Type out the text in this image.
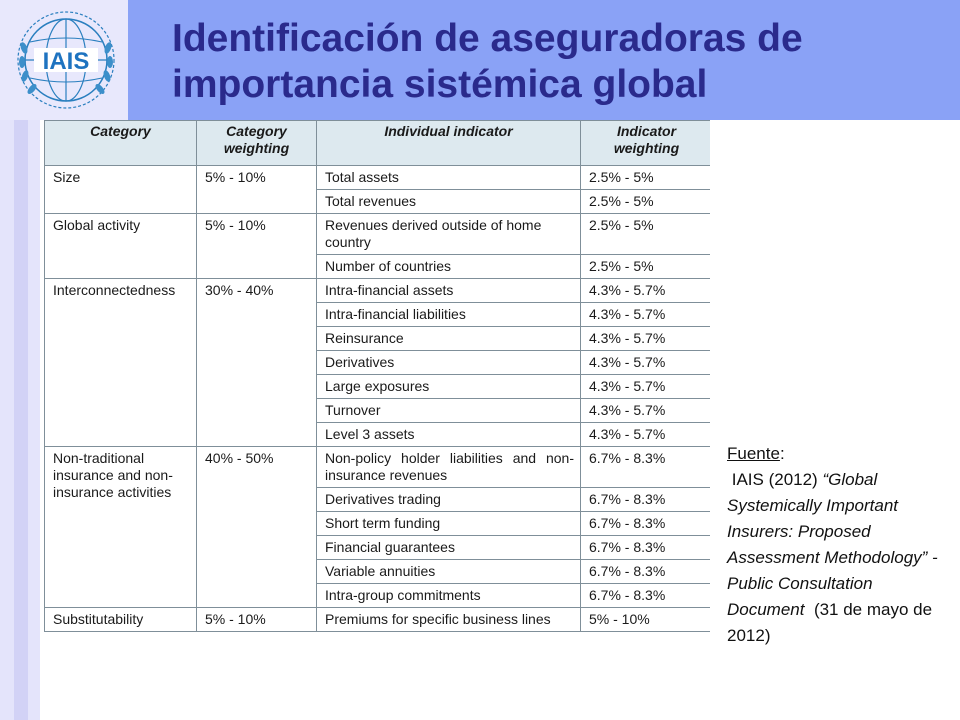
IAIS
Identificación de aseguradoras de
importancia sistémica global
Category	Category weighting	Individual indicator	Indicator weighting
Size	5% - 10%	Total assets	2.5% - 5%
		Total revenues	2.5% - 5%
Global activity	5% - 10%	Revenues derived outside of home country	2.5% - 5%
		Number of countries	2.5% - 5%
Interconnectedness	30% - 40%	Intra-financial assets	4.3% - 5.7%
		Intra-financial liabilities	4.3% - 5.7%
		Reinsurance	4.3% - 5.7%
		Derivatives	4.3% - 5.7%
		Large exposures	4.3% - 5.7%
		Turnover	4.3% - 5.7%
		Level 3 assets	4.3% - 5.7%
Non-traditional insurance and non-insurance activities	40% - 50%	Non-policy holder liabilities and non-insurance revenues	6.7% - 8.3%
		Derivatives trading	6.7% - 8.3%
		Short term funding	6.7% - 8.3%
		Financial guarantees	6.7% - 8.3%
		Variable annuities	6.7% - 8.3%
		Intra-group commitments	6.7% - 8.3%
Substitutability	5% - 10%	Premiums for specific business lines	5% - 10%
Fuente:
IAIS (2012) “Global Systemically Important Insurers: Proposed Assessment Methodology” - Public Consultation Document (31 de mayo de 2012)
